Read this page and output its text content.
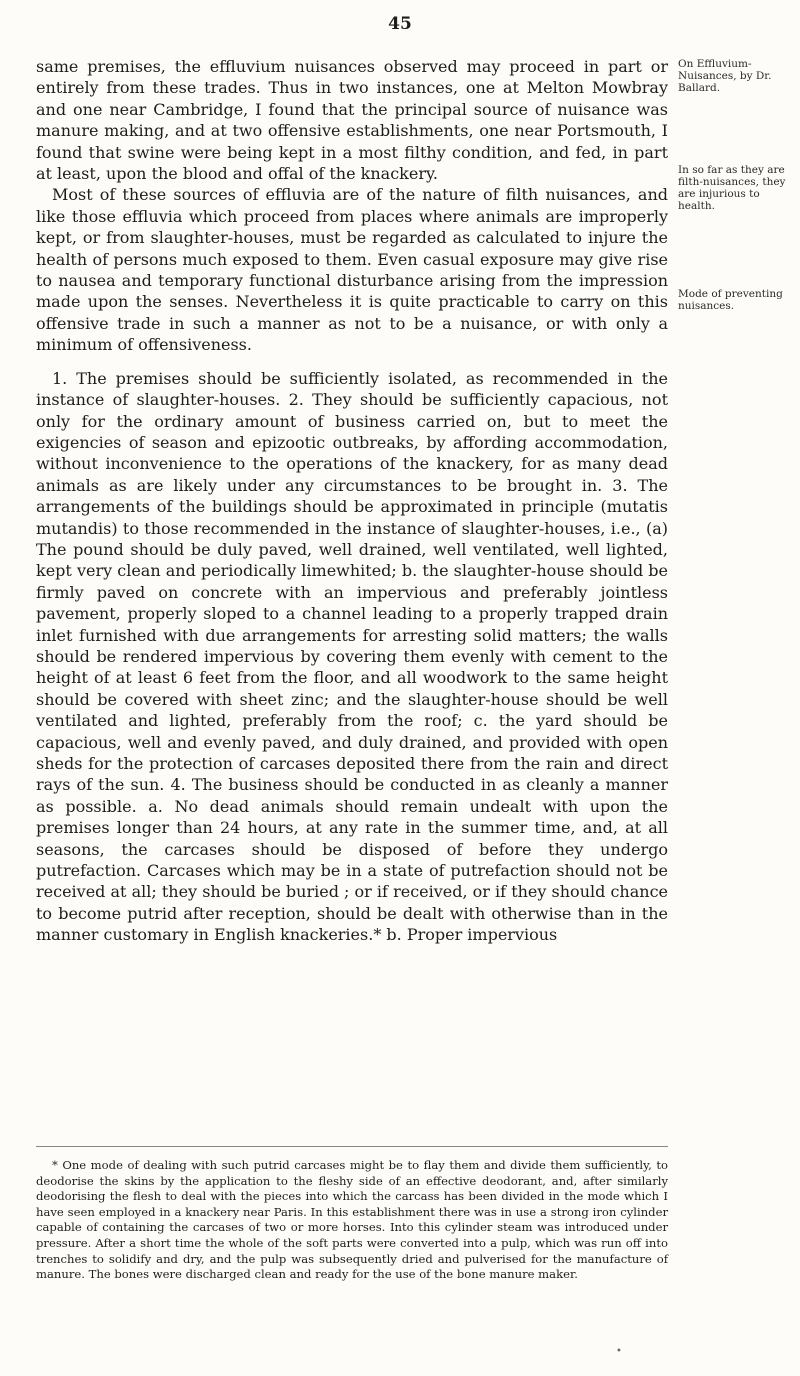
45
On Effluvium-Nuisances, by Dr. Ballard.
In so far as they are filth-nuisances, they are injurious to health.
Mode of preventing nuisances.

same premises, the effluvium nuisances observed may proceed in part or entirely from these trades. Thus in two instances, one at Melton Mowbray and one near Cambridge, I found that the principal source of nuisance was manure making, and at two offensive establishments, one near Portsmouth, I found that swine were being kept in a most filthy condition, and fed, in part at least, upon the blood and offal of the knackery.

Most of these sources of effluvia are of the nature of filth nuisances, and like those effluvia which proceed from places where animals are improperly kept, or from slaughter-houses, must be regarded as calculated to injure the health of persons much exposed to them. Even casual exposure may give rise to nausea and temporary functional disturbance arising from the impression made upon the senses. Nevertheless it is quite practicable to carry on this offensive trade in such a manner as not to be a nuisance, or with only a minimum of offensiveness.

1. The premises should be sufficiently isolated, as recommended in the instance of slaughter-houses. 2. They should be sufficiently capacious, not only for the ordinary amount of business carried on, but to meet the exigencies of season and epizootic outbreaks, by affording accommodation, without inconvenience to the operations of the knackery, for as many dead animals as are likely under any circumstances to be brought in. 3. The arrangements of the buildings should be approximated in principle (mutatis mutandis) to those recommended in the instance of slaughter-houses, i.e., (a) The pound should be duly paved, well drained, well ventilated, well lighted, kept very clean and periodically limewhited; b. the slaughter-house should be firmly paved on concrete with an impervious and preferably jointless pavement, properly sloped to a channel leading to a properly trapped drain inlet furnished with due arrangements for arresting solid matters; the walls should be rendered impervious by covering them evenly with cement to the height of at least 6 feet from the floor, and all woodwork to the same height should be covered with sheet zinc; and the slaughter-house should be well ventilated and lighted, preferably from the roof; c. the yard should be capacious, well and evenly paved, and duly drained, and provided with open sheds for the protection of carcases deposited there from the rain and direct rays of the sun. 4. The business should be conducted in as cleanly a manner as possible. a. No dead animals should remain undealt with upon the premises longer than 24 hours, at any rate in the summer time, and, at all seasons, the carcases should be disposed of before they undergo putrefaction. Carcases which may be in a state of putrefaction should not be received at all; they should be buried ; or if received, or if they should chance to become putrid after reception, should be dealt with otherwise than in the manner customary in English knackeries.* b. Proper impervious

* One mode of dealing with such putrid carcases might be to flay them and divide them sufficiently, to deodorise the skins by the application to the fleshy side of an effective deodorant, and, after similarly deodorising the flesh to deal with the pieces into which the carcass has been divided in the mode which I have seen employed in a knackery near Paris. In this establishment there was in use a strong iron cylinder capable of containing the carcases of two or more horses. Into this cylinder steam was introduced under pressure. After a short time the whole of the soft parts were converted into a pulp, which was run off into trenches to solidify and dry, and the pulp was subsequently dried and pulverised for the manufacture of manure. The bones were discharged clean and ready for the use of the bone manure maker.

•
